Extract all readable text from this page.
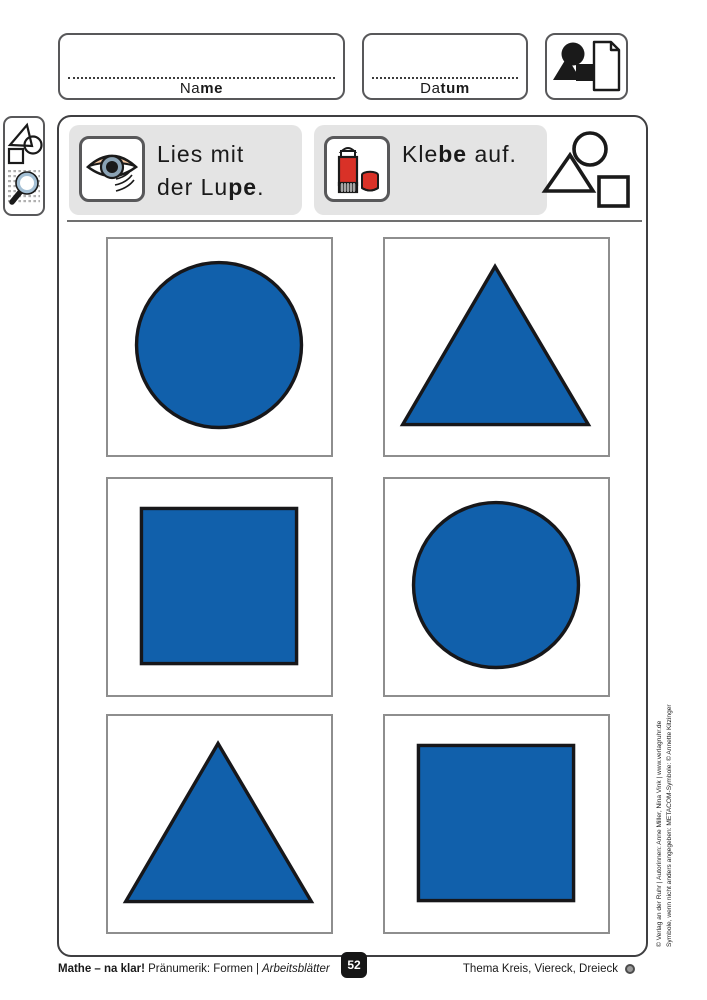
Name	Datum
Lies mit
der Lupe.
Klebe auf.
Mathe – na klar! Pränumerik: Formen | Arbeitsblätter	52	Thema Kreis, Viereck, Dreieck
© Verlag an der Ruhr | Autorinnen: Anne Miller, Nina Vink | www.verlagruhr.de Symbole, wenn nicht anders angegeben: METACOM-Symbole: © Annette Kitzinger
